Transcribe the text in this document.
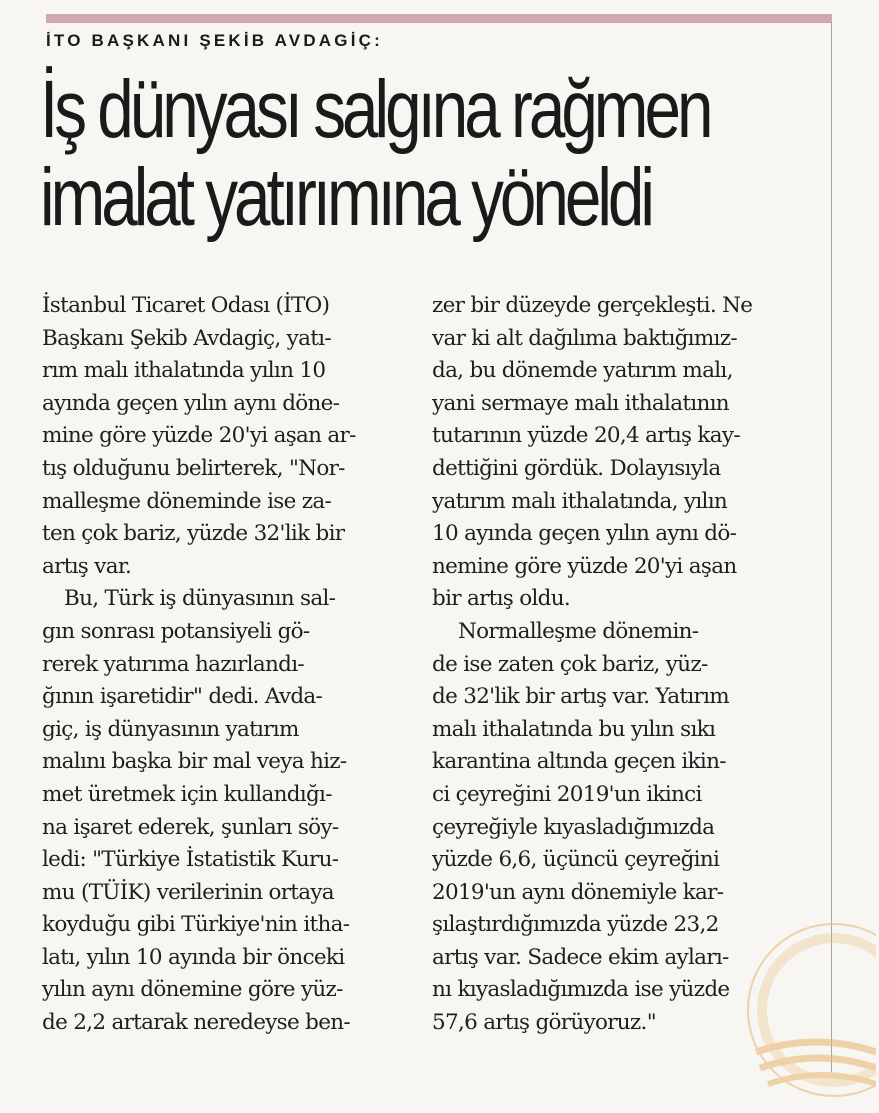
İTO BAŞKANI ŞEKİB AVDAGİÇ:
İş dünyası salgına rağmen
imalat yatırımına yöneldi
İstanbul Ticaret Odası (İTO)
Başkanı Şekib Avdagiç, yatı-
rım malı ithalatında yılın 10
ayında geçen yılın aynı döne-
mine göre yüzde 20'yi aşan ar-
tış olduğunu belirterek, "Nor-
malleşme döneminde ise za-
ten çok bariz, yüzde 32'lik bir
artış var.
Bu, Türk iş dünyasının sal-
gın sonrası potansiyeli gö-
rerek yatırıma hazırlandı-
ğının işaretidir" dedi. Avda-
giç, iş dünyasının yatırım
malını başka bir mal veya hiz-
met üretmek için kullandığı-
na işaret ederek, şunları söy-
ledi: "Türkiye İstatistik Kuru-
mu (TÜİK) verilerinin ortaya
koyduğu gibi Türkiye'nin itha-
latı, yılın 10 ayında bir önceki
yılın aynı dönemine göre yüz-
de 2,2 artarak neredeyse ben-
zer bir düzeyde gerçekleşti. Ne
var ki alt dağılıma baktığımız-
da, bu dönemde yatırım malı,
yani sermaye malı ithalatının
tutarının yüzde 20,4 artış kay-
dettiğini gördük. Dolayısıyla
yatırım malı ithalatında, yılın
10 ayında geçen yılın aynı dö-
nemine göre yüzde 20'yi aşan
bir artış oldu.
Normalleşme dönemin-
de ise zaten çok bariz, yüz-
de 32'lik bir artış var. Yatırım
malı ithalatında bu yılın sıkı
karantina altında geçen ikin-
ci çeyreğini 2019'un ikinci
çeyreğiyle kıyasladığımızda
yüzde 6,6, üçüncü çeyreğini
2019'un aynı dönemiyle kar-
şılaştırdığımızda yüzde 23,2
artış var. Sadece ekim ayları-
nı kıyasladığımızda ise yüzde
57,6 artış görüyoruz."
